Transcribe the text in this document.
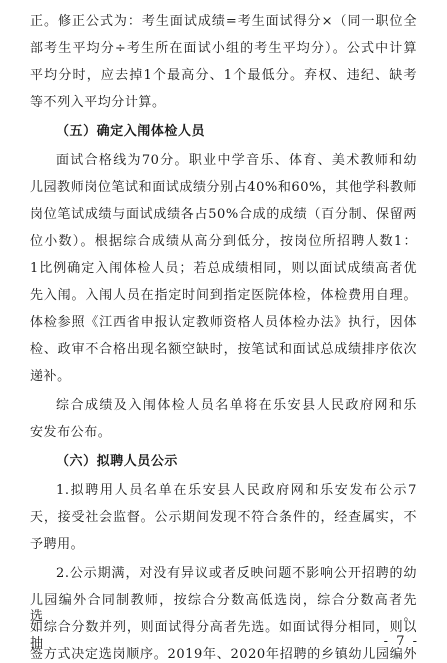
正。修正公式为：考生面试成绩=考生面试得分×（同一职位全
部考生平均分÷考生所在面试小组的考生平均分）。公式中计算
平均分时，应去掉1个最高分、1个最低分。弃权、违纪、缺考
等不列入平均分计算。
（五）确定入闱体检人员
面试合格线为70分。职业中学音乐、体育、美术教师和幼
儿园教师岗位笔试和面试成绩分别占40%和60%，其他学科教师
岗位笔试成绩与面试成绩各占50%合成的成绩（百分制、保留两
位小数）。根据综合成绩从高分到低分，按岗位所招聘人数1：
1比例确定入闱体检人员；若总成绩相同，则以面试成绩高者优
先入闱。入闱人员在指定时间到指定医院体检，体检费用自理。
体检参照《江西省申报认定教师资格人员体检办法》执行，因体
检、政审不合格出现名额空缺时，按笔试和面试总成绩排序依次
递补。
综合成绩及入闱体检人员名单将在乐安县人民政府网和乐
安发布公布。
（六）拟聘人员公示
1.拟聘用人员名单在乐安县人民政府网和乐安发布公示7
天，接受社会监督。公示期间发现不符合条件的，经查属实，不
予聘用。
2.公示期满，对没有异议或者反映问题不影响公开招聘的幼
儿园编外合同制教师，按综合分数高低选岗，综合分数高者先选。
如综合分数并列，则面试得分高者先选。如面试得分相同，则以抽
签方式决定选岗顺序。2019年、2020年招聘的乡镇幼儿园编外
- 7 -
